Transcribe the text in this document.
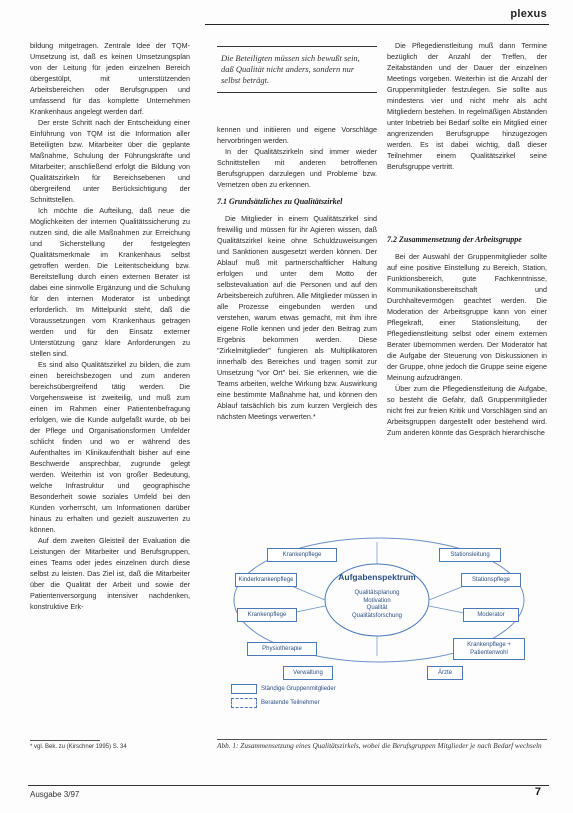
plexus

bildung mitgetragen. Zentrale Idee der TQM-Umsetzung ist, daß es keinen Umsetzungsplan von der Leitung für jeden einzelnen Bereich übergestülpt, mit unterstützenden Arbeitsbereichen oder Berufsgruppen und umfassend für das komplette Unternehmen Krankenhaus angelegt werden darf.

Der erste Schritt nach der Entscheidung einer Einführung von TQM ist die Information aller Beteiligten bzw. Mitarbeiter über die geplante Maßnahme, Schulung der Führungskräfte und Mitarbeiter; anschließend erfolgt die Bildung von Qualitätszirkeln für Bereichsebenen und übergreifend unter Berücksichtigung der Schnittstellen.

Ich möchte die Aufteilung, daß neue die Möglichkeiten der internen Qualitätssicherung zu nutzen sind, die alle Maßnahmen zur Erreichung und Sicherstellung der festgelegten Qualitätsmerkmale im Krankenhaus selbst getroffen werden. Die Leitentscheidung bzw. Bereitstellung durch einen externen Berater ist dabei eine sinnvolle Ergänzung und die Schulung für den internen Moderator ist unbedingt erforderlich. Im Mittelpunkt steht, daß die Voraussetzungen vom Krankenhaus getragen werden und für den Einsatz externer Unterstützung ganz klare Anforderungen zu stellen sind.

Es sind also Qualitätszirkel zu bilden, die zum einen bereichsbezogen und zum anderen bereichsübergreifend tätig werden. Die Vorgehensweise ist zweiteilig, und muß zum einen im Rahmen einer Patientenbefragung erfolgen, wie die Kunde aufgefaßt wurde, ob bei der Pflege und Organisationsformen Umfelder schlicht finden und wo er während des Aufenthaltes im Klinikaufenthalt bisher auf eine Beschwerde ansprechbar, zugrunde gelegt werden. Weiterhin ist von großer Bedeutung, welche Infrastruktur und geographische Besonderheit sowie soziales Umfeld bei den Kunden vorherrscht, um Informationen darüber hinaus zu erhalten und gezielt auszuwerten zu können.

Auf dem zweiten Gleisteil der Evaluation die Leistungen der Mitarbeiter und Berufsgruppen, eines Teams oder jedes einzelnen durch diese selbst zu leisten. Das Ziel ist, daß die Mitarbeiter über die Qualität der Arbeit und sowie der Patientenversorgung intensiver nachdenken, konstruktive Erk-

Die Beteiligten müssen sich bewußt sein, daß Qualität nicht anders, sondern nur selbst beträgt.

kennen und initiieren und eigene Vorschläge hervorbringen werden.

In der Qualitätszirkeln sind immer wieder Schnittstellen mit anderen betroffenen Berufsgruppen darzulegen und Probleme bzw. Vernetzen oben zu erkennen.

7.1 Grundsätzliches zu Qualitätszirkel

Die Mitglieder in einem Qualitätszirkel sind freiwillig und müssen für ihr Agieren wissen, daß Qualitätszirkel keine ohne Schuldzuweisungen und Sanktionen ausgesetzt werden können. Der Ablauf muß mit partnerschaftlicher Haltung erfolgen und unter dem Motto der selbstevaluation auf die Personen und auf den Arbeitsbereich zuführen. Alle Mitglieder müssen in alle Prozesse eingebunden werden und verstehen, warum etwas gemacht, mit ihm ihre eigene Rolle kennen und jeder den Beitrag zum Ergebnis bekommen werden. Diese "Zirkelmitglieder" fungieren als Multiplikatoren innerhalb des Bereiches und tragen somit zur Umsetzung "vor Ort" bei. Sie erkennen, wie die Teams arbeiten, welche Wirkung bzw. Auswirkung eine bestimmte Maßnahme hat, und können den Ablauf tatsächlich bis zum kurzen Vergleich des nächsten Meetings verwerten.*

Die Pflegedienstleitung muß dann Termine bezüglich der Anzahl der Treffen, der Zeitabständen und der Dauer der einzelnen Meetings vorgeben. Weiterhin ist die Anzahl der Gruppenmitglieder festzulegen. Sie sollte aus mindestens vier und nicht mehr als acht Mitgliedern bestehen. In regelmäßigen Abständen unter Inbetrieb bei Bedarf sollte ein Mitglied einer angrenzenden Berufsgruppe hinzugezogen werden. Es ist dabei wichtig, daß dieser Teilnehmer einem Qualitätszirkel seine Berufsgruppe vertritt.

7.2 Zusammensetzung der Arbeitsgruppe

Bei der Auswahl der Gruppenmitglieder sollte auf eine positive Einstellung zu Bereich, Station, Funktionsbereich, gute Fachkenntnisse, Kommunikationsbereitschaft und Durchhaltevermögen geachtet werden. Die Moderation der Arbeitsgruppe kann von einer Pflegekraft, einer Stationsleitung, der Pflegedienstleitung selbst oder einem externen Berater übernommen werden. Der Moderator hat die Aufgabe der Steuerung von Diskussionen in der Gruppe, ohne jedoch die Gruppe seine eigene Meinung aufzudrängen.

Über zum die Pflegedienstleitung die Aufgabe, so besteht die Gefahr, daß Gruppenmitglieder nicht frei zur freien Kritik und Vorschlägen sind an Arbeitsgruppen dargestellt oder bestehend wird. Zum anderen könnte das Gespräch hierarchische

Aufgabenspektrum
Qualitätsplanung
Motivation
Qualität
Qualitätsforschung
Krankenpflege
Kinderkrankenpflege
Krankenpflege
Physiotherapie
Verwaltung
Stationsleitung
Stationspflege
Moderator
Krankenpflege + Patientenwohl
Ärzte
Ständige Gruppenmitglieder
Beratende Teilnehmer
Abb. 1: Zusammensetzung eines Qualitätszirkels, wobei die Berufsgruppen Mitglieder je nach Bedarf wechseln
* vgl. Bek. zu (Kirschner 1995) S. 34
Ausgabe 3/97	7
